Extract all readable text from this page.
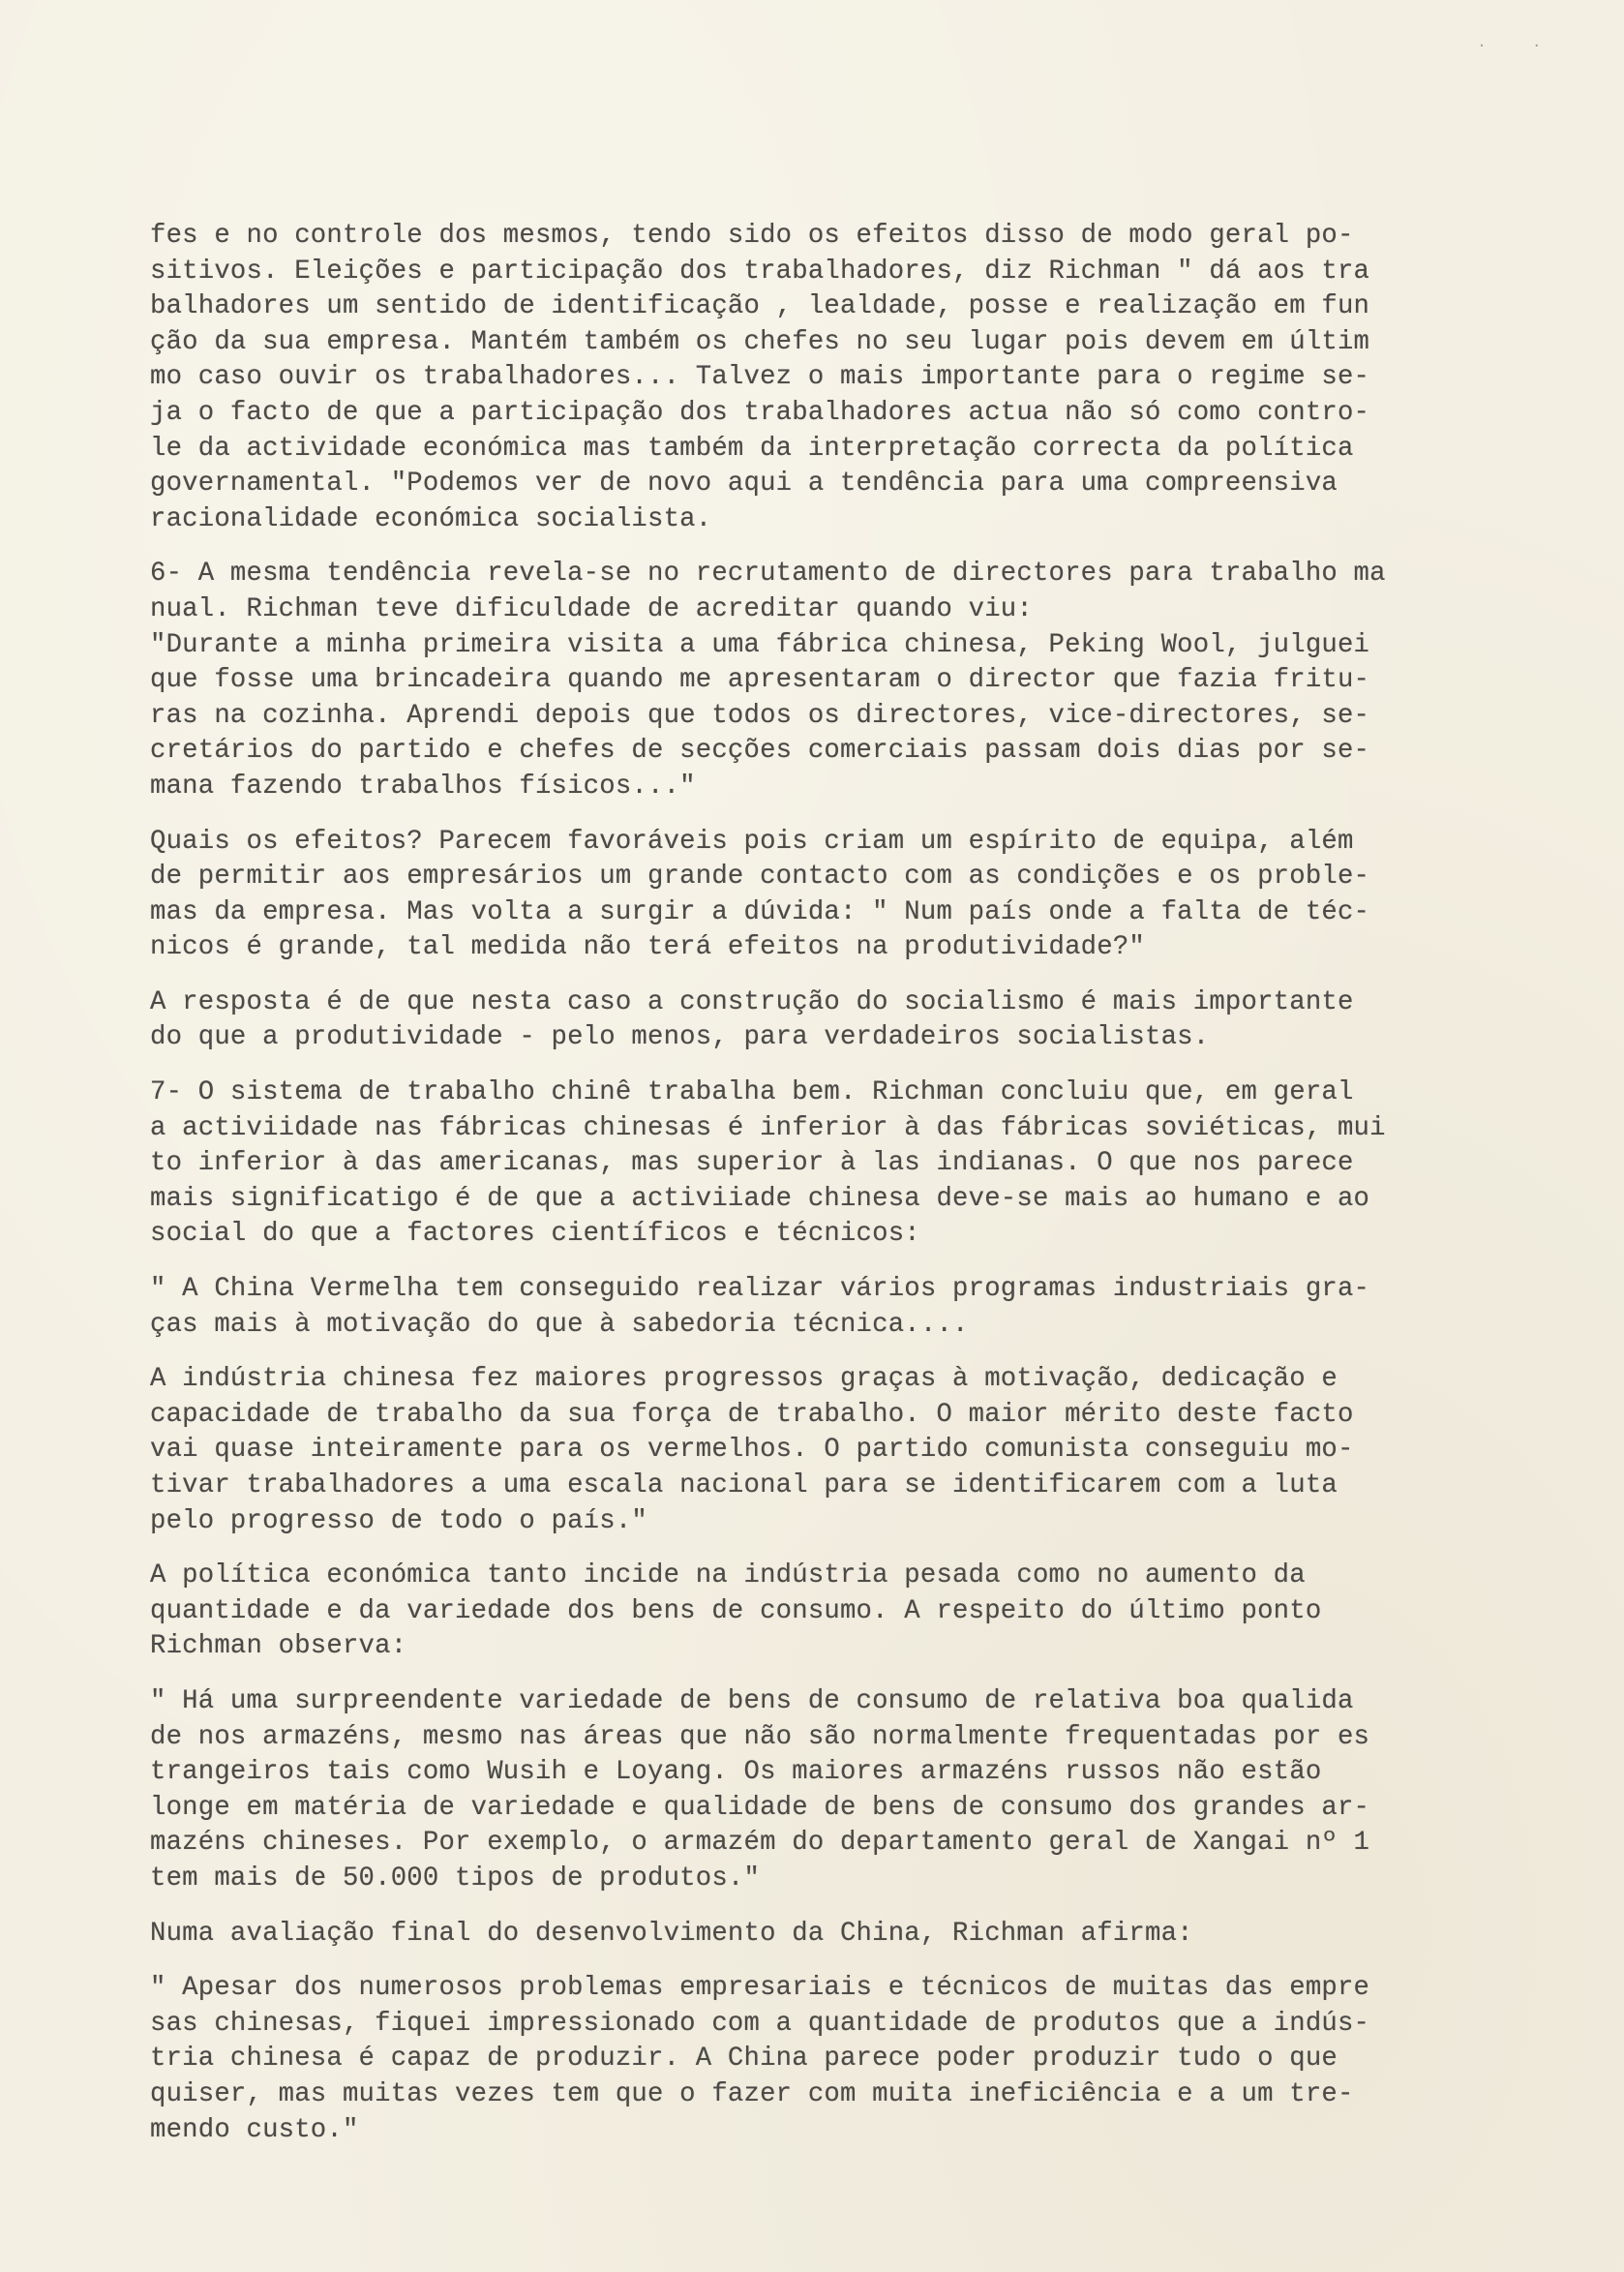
· ·
fes e no controle dos mesmos, tendo sido os efeitos disso de modo geral po-
sitivos. Eleições e participação dos trabalhadores, diz Richman " dá aos tra
balhadores um sentido de identificação , lealdade, posse e realização em fun
ção da sua empresa. Mantém também os chefes no seu lugar pois devem em últim
mo caso ouvir os trabalhadores... Talvez o mais importante para o regime se-
ja o facto de que a participação dos trabalhadores actua não só como contro-
le da actividade económica mas também da interpretação correcta da política
governamental. "Podemos ver de novo aqui a tendência para uma compreensiva
racionalidade económica socialista.
6- A mesma tendência revela-se no recrutamento de directores para trabalho ma
nual. Richman teve dificuldade de acreditar quando viu:
"Durante a minha primeira visita a uma fábrica chinesa, Peking Wool, julguei
que fosse uma brincadeira quando me apresentaram o director que fazia fritu-
ras na cozinha. Aprendi depois que todos os directores, vice-directores, se-
cretários do partido e chefes de secções comerciais passam dois dias por se-
mana fazendo trabalhos físicos..."
Quais os efeitos? Parecem favoráveis pois criam um espírito de equipa, além
de permitir aos empresários um grande contacto com as condições e os proble-
mas da empresa. Mas volta a surgir a dúvida: " Num país onde a falta de téc-
nicos é grande, tal medida não terá efeitos na produtividade?"
A resposta é de que nesta caso a construção do socialismo é mais importante
do que a produtividade - pelo menos, para verdadeiros socialistas.
7- O sistema de trabalho chinê trabalha bem. Richman concluiu que, em geral
a activiidade nas fábricas chinesas é inferior à das fábricas soviéticas, mui
to inferior à das americanas, mas superior à las indianas. O que nos parece
mais significatigo é de que a activiiade chinesa deve-se mais ao humano e ao
social do que a factores científicos e técnicos:
" A China Vermelha tem conseguido realizar vários programas industriais gra-
ças mais à motivação do que à sabedoria técnica....
A indústria chinesa fez maiores progressos graças à motivação, dedicação e
capacidade de trabalho da sua força de trabalho. O maior mérito deste facto
vai quase inteiramente para os vermelhos. O partido comunista conseguiu mo-
tivar trabalhadores a uma escala nacional para se identificarem com a luta
pelo progresso de todo o país."
A política económica tanto incide na indústria pesada como no aumento da
quantidade e da variedade dos bens de consumo. A respeito do último ponto
Richman observa:
" Há uma surpreendente variedade de bens de consumo de relativa boa qualida
de nos armazéns, mesmo nas áreas que não são normalmente frequentadas por es
trangeiros tais como Wusih e Loyang. Os maiores armazéns russos não estão
longe em matéria de variedade e qualidade de bens de consumo dos grandes ar-
mazéns chineses. Por exemplo, o armazém do departamento geral de Xangai nº 1
tem mais de 50.000 tipos de produtos."
Numa avaliação final do desenvolvimento da China, Richman afirma:
" Apesar dos numerosos problemas empresariais e técnicos de muitas das empre
sas chinesas, fiquei impressionado com a quantidade de produtos que a indús-
tria chinesa é capaz de produzir. A China parece poder produzir tudo o que
quiser, mas muitas vezes tem que o fazer com muita ineficiência e a um tre-
mendo custo."
